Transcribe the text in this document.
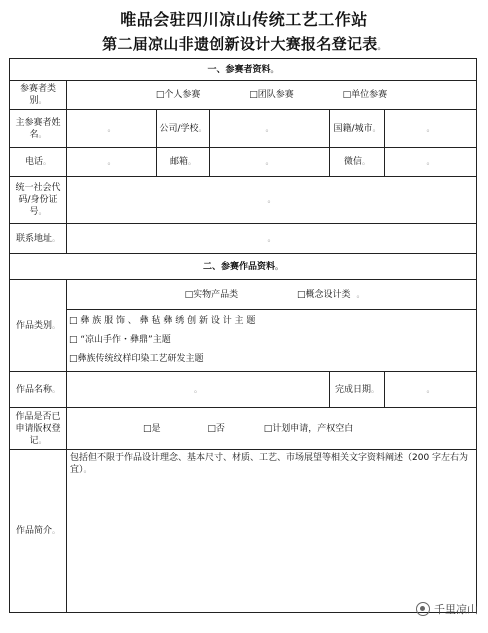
唯品会驻四川凉山传统工艺工作站
第二届凉山非遗创新设计大赛报名登记表。
一、参赛者资料。					
参赛者类别。	□个人参赛 □团队参赛 □单位参赛				
主参赛者姓名。	。	公司/学校。	。	国籍/城市。	。
电话。	。	邮箱。	。	微信。	。
统一社会代码/身份证号。	。				
联系地址。	。				
二、参赛作品资料。					
作品类别。	□实物产品类 □概念设计类 。				

	□ 彝 族 服 饰 、 彝 毡 彝 绣 创 新 设 计 主 题
□ “凉山手作・彝鼎”主题
□彝族传统纹样印染工艺研发主题				

作品名称。	。			完成日期。	。
作品是否已申请版权登记。	□是 □否 □计划申请，产权空白				
作品简介。	包括但不限于作品设计理念、基本尺寸、材质、工艺、市场展望等相关文字资料阐述（200 字左右为宜）。				
千里凉山
